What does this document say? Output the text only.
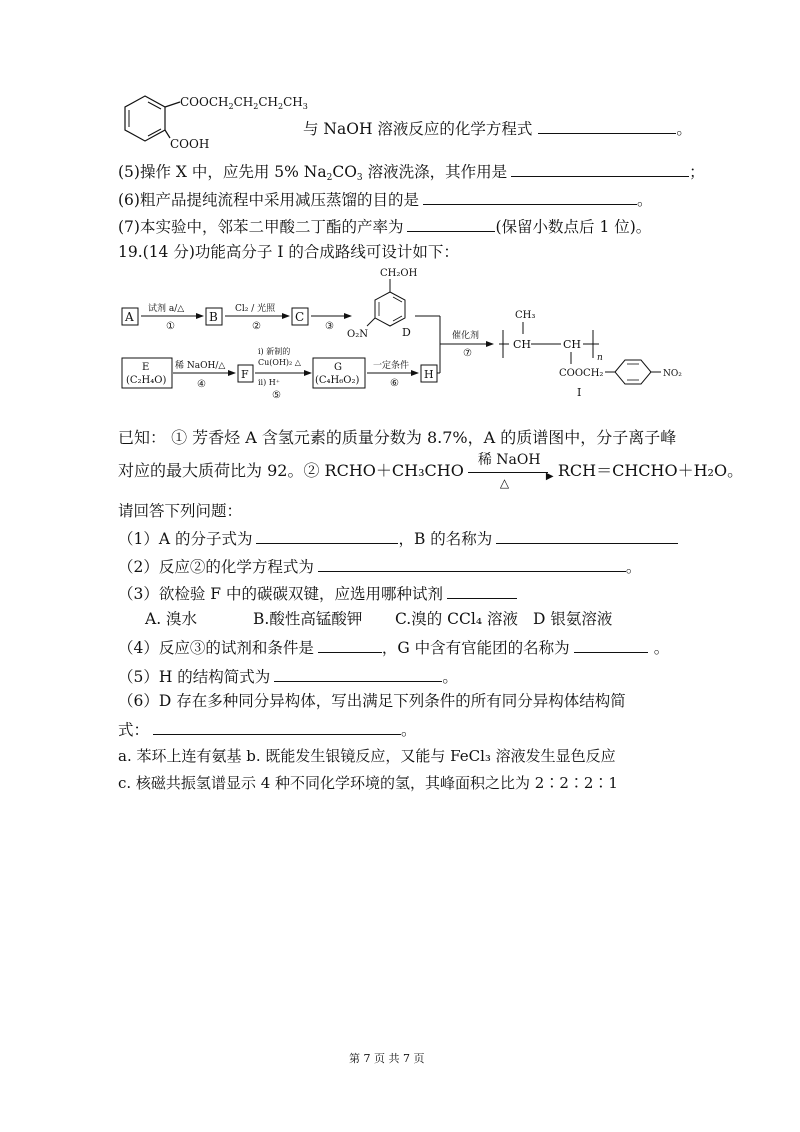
$COOCH_2CH_2CH_2CH_3$
COOH
与 NaOH 溶液反应的化学方程式	。
(5)操作 X 中，应先用 5% Na2CO3 溶液洗涤，其作用是	；
(6)粗产品提纯流程中采用减压蒸馏的目的是	。
(7)本实验中，邻苯二甲酸二丁酯的产率为	(保留小数点后 1 位)。
19.(14 分)功能高分子 I 的合成路线可设计如下：
A
试剂 a/△
①
B
Cl₂ / 光照
②
C
③
CH₂OH
O₂N	D
E
(C₂H₄O)
稀 NaOH/△
④
F
i) 新制的
Cu(OH)₂ △
ii) H⁺
⑤
G
(C₄H₆O₂)
一定条件
⑥
H
催化剂
⑦
CH	CH
n
CH₃
COOCH₂	NO₂
I
已知： ① 芳香烃 A 含氢元素的质量分数为 8.7%，A 的质谱图中，分子离子峰
对应的最大质荷比为 92。② RCHO＋CH₃CHO
稀 NaOH
▶
△
RCH＝CHCHO＋H₂O。
请回答下列问题：
（1）A 的分子式为	，B 的名称为
（2）反应②的化学方程式为	。
（3）欲检验 F 中的碳碳双键，应选用哪种试剂
A. 溴水	B.酸性高锰酸钾 C.溴的 CCl₄ 溶液 D 银氨溶液
（4）反应③的试剂和条件是	，G 中含有官能团的名称为	。
（5）H 的结构简式为	。
（6）D 存在多种同分异构体，写出满足下列条件的所有同分异构体结构简
式：	。
a. 苯环上连有氨基 b. 既能发生银镜反应，又能与 FeCl₃ 溶液发生显色反应
c. 核磁共振氢谱显示 4 种不同化学环境的氢，其峰面积之比为 2∶2∶2∶1
第 7 页 共 7 页
